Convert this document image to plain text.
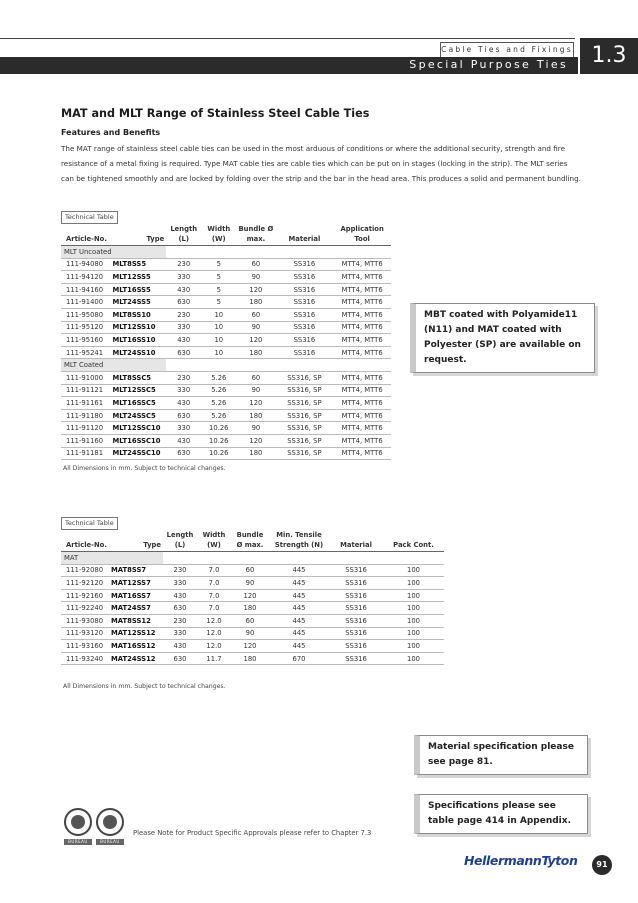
Cable Ties and Fixings
Special Purpose Ties	1.3
MAT and MLT Range of Stainless Steel Cable Ties
Features and Benefits
The MAT range of stainless steel cable ties can be used in the most arduous of conditions or where the additional security, strength and fire resistance of a metal fixing is required. Type MAT cable ties are cable ties which can be put on in stages (locking in the strip). The MLT series can be tightened smoothly and are locked by folding over the strip and the bar in the head area. This produces a solid and permanent bundling.
Technical Table
Article-No.	Type	Length (L)	Width (W)	Bundle Ø max.	Material	Application Tool
MLT Uncoated						
111-94080	MLT8SS5	230	5	60	SS316	MTT4, MTT6
111-94120	MLT12SS5	330	5	90	SS316	MTT4, MTT6
111-94160	MLT16SS5	430	5	120	SS316	MTT4, MTT6
111-91400	MLT24SS5	630	5	180	SS316	MTT4, MTT6
111-95080	MLT8SS10	230	10	60	SS316	MTT4, MTT6
111-95120	MLT12SS10	330	10	90	SS316	MTT4, MTT6
111-95160	MLT16SS10	430	10	120	SS316	MTT4, MTT6
111-95241	MLT24SS10	630	10	180	SS316	MTT4, MTT6
MLT Coated						
111-91000	MLT8SSC5	230	5.26	60	SS316, SP	MTT4, MTT6
111-91121	MLT12SSC5	330	5.26	90	SS316, SP	MTT4, MTT6
111-91161	MLT16SSC5	430	5.26	120	SS316, SP	MTT4, MTT6
111-91180	MLT24SSC5	630	5.26	180	SS316, SP	MTT4, MTT6
111-91120	MLT12SSC10	330	10.26	90	SS316, SP	MTT4, MTT6
111-91160	MLT16SSC10	430	10.26	120	SS316, SP	MTT4, MTT6
111-91181	MLT24SSC10	630	10.26	180	SS316, SP	MTT4, MTT6
All Dimensions in mm. Subject to technical changes.
MBT coated with Polyamide11 (N11) and MAT coated with Polyester (SP) are available on request.
Technical Table
Article-No.	Type	Length (L)	Width (W)	Bundle Ø max.	Min. Tensile Strength (N)	Material	Pack Cont.
MAT							
111-92080	MAT8SS7	230	7.0	60	445	SS316	100
111-92120	MAT12SS7	330	7.0	90	445	SS316	100
111-92160	MAT16SS7	430	7.0	120	445	SS316	100
111-92240	MAT24SS7	630	7.0	180	445	SS316	100
111-93080	MAT8SS12	230	12.0	60	445	SS316	100
111-93120	MAT12SS12	330	12.0	90	445	SS316	100
111-93160	MAT16SS12	430	12.0	120	445	SS316	100
111-93240	MAT24SS12	630	11.7	180	670	SS316	100
All Dimensions in mm. Subject to technical changes.
Material specification please see page 81.
Specifications please see table page 414 in Appendix.
BUREAU VERITAS
BUREAU VERITAS
Please Note for Product Specific Approvals please refer to Chapter 7.3
HellermannTyton	91
